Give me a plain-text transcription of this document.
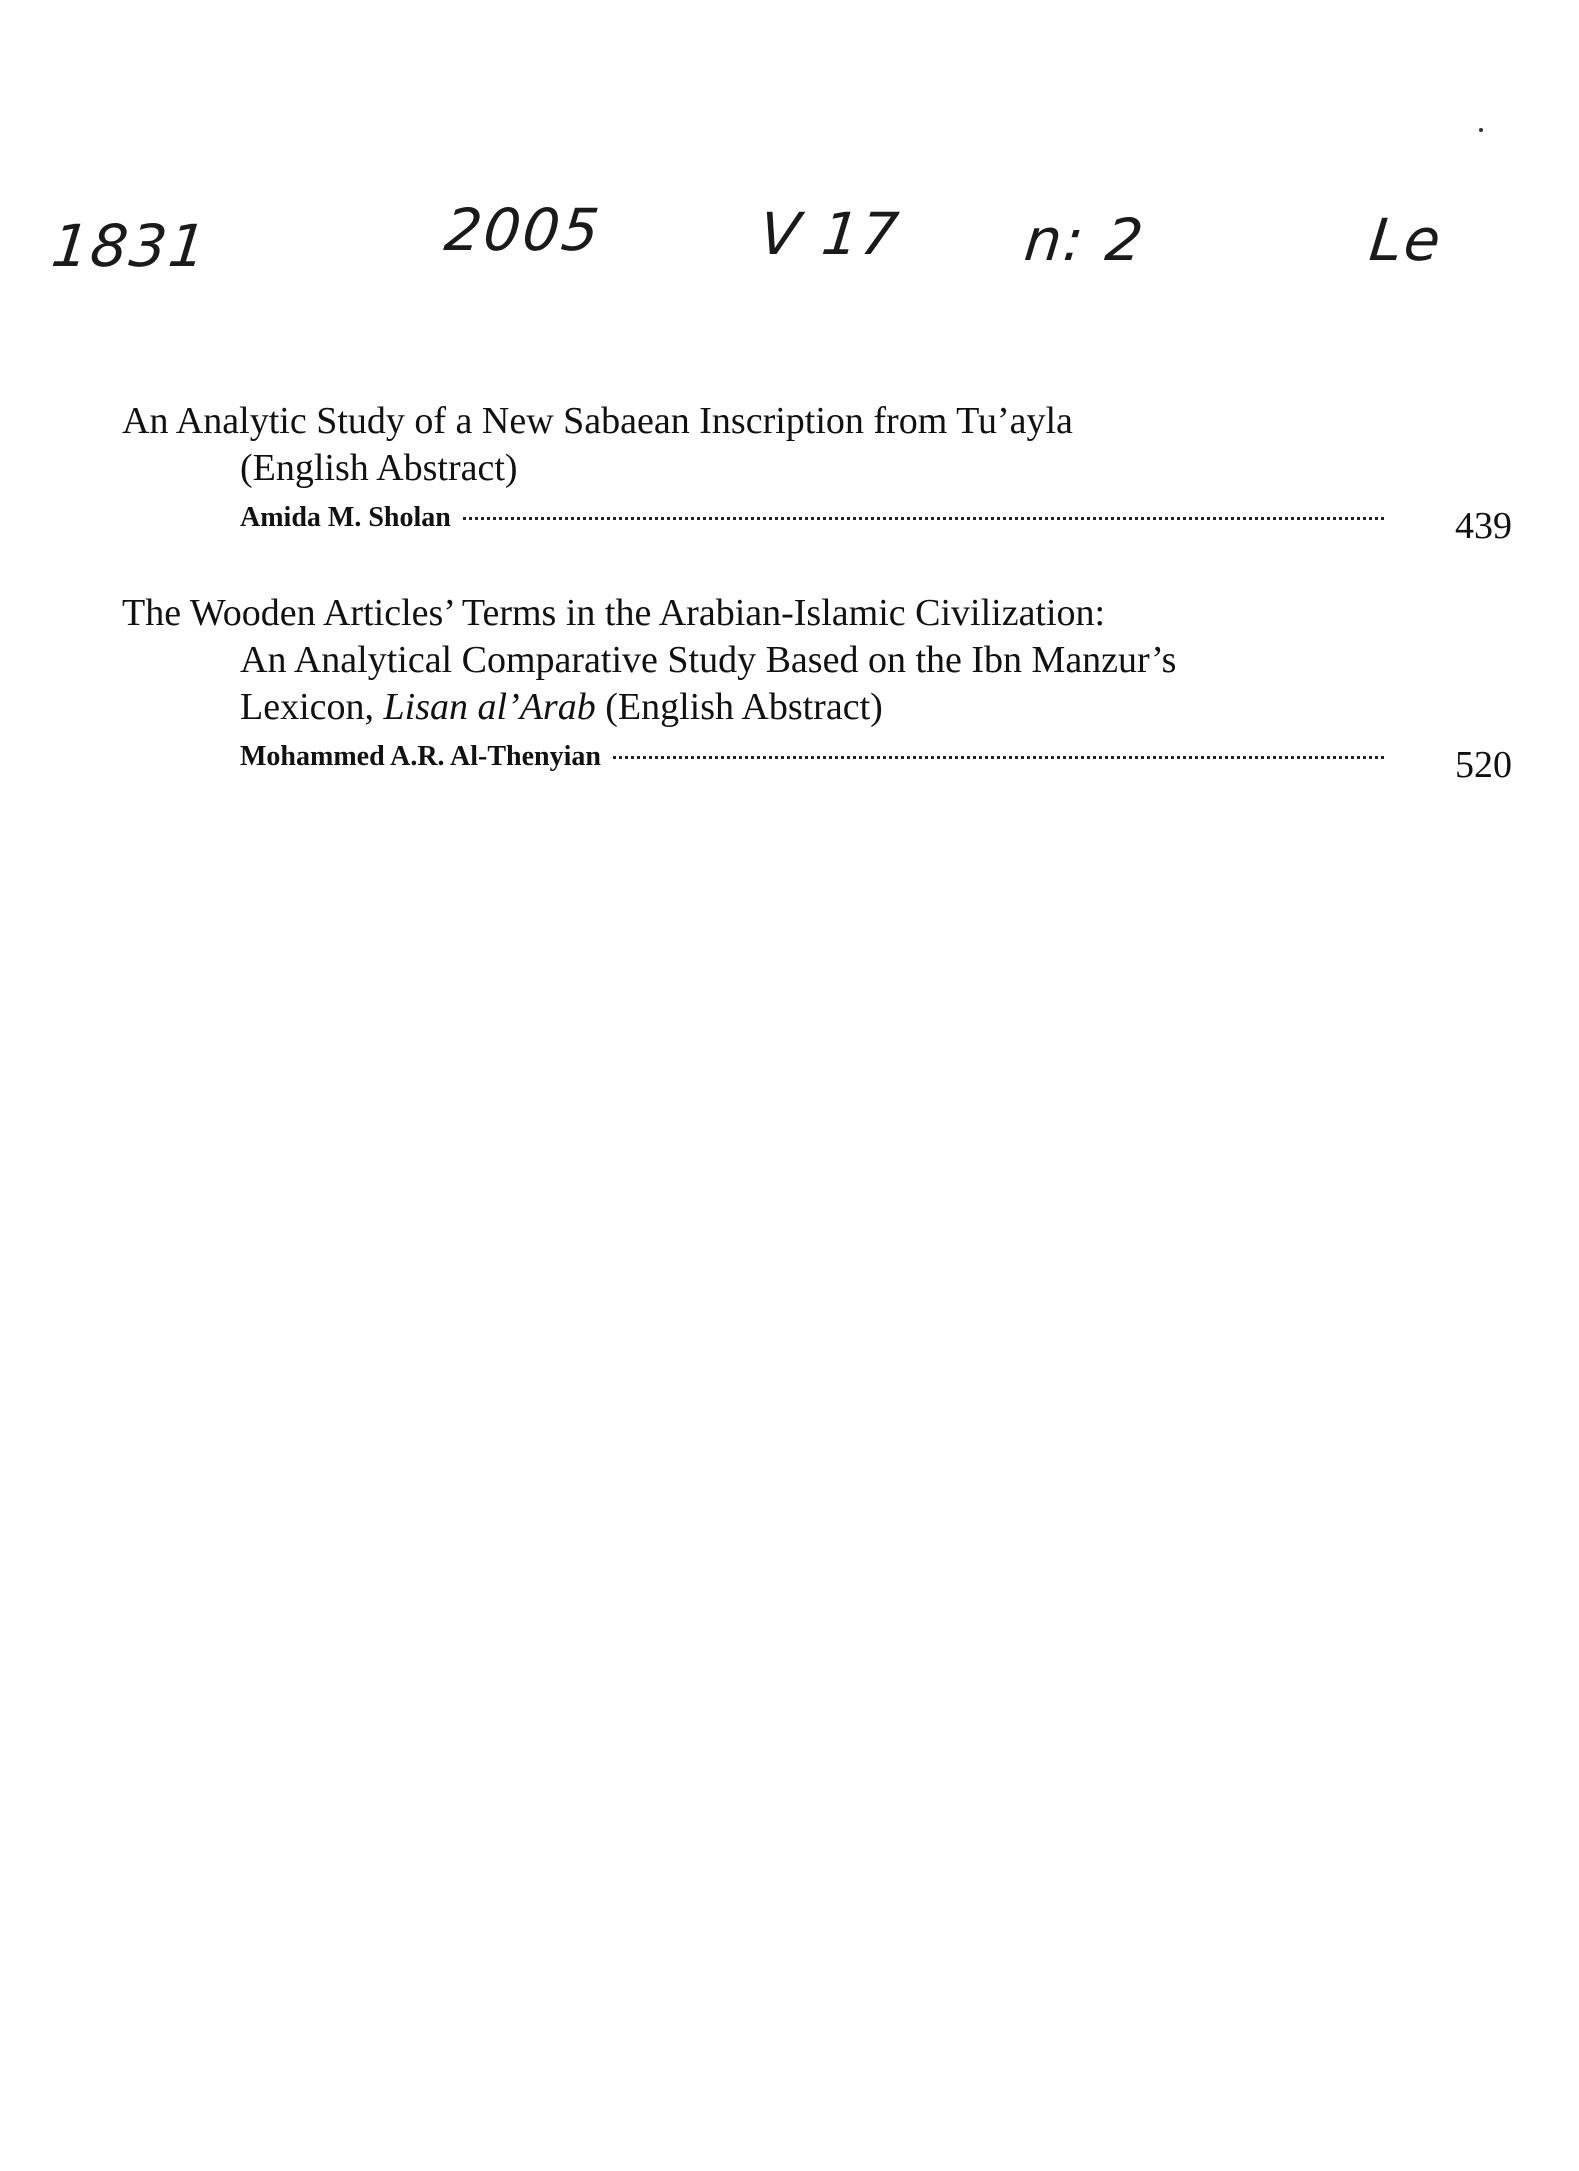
1831	2005	V 17 n: 2	Le
An Analytic Study of a New Sabaean Inscription from Tu’ayla
(English Abstract)
Amida M. Sholan	439
The Wooden Articles’ Terms in the Arabian-Islamic Civilization:
An Analytical Comparative Study Based on the Ibn Manzur’s
Lexicon, Lisan al’Arab (English Abstract)
Mohammed A.R. Al-Thenyian	520
